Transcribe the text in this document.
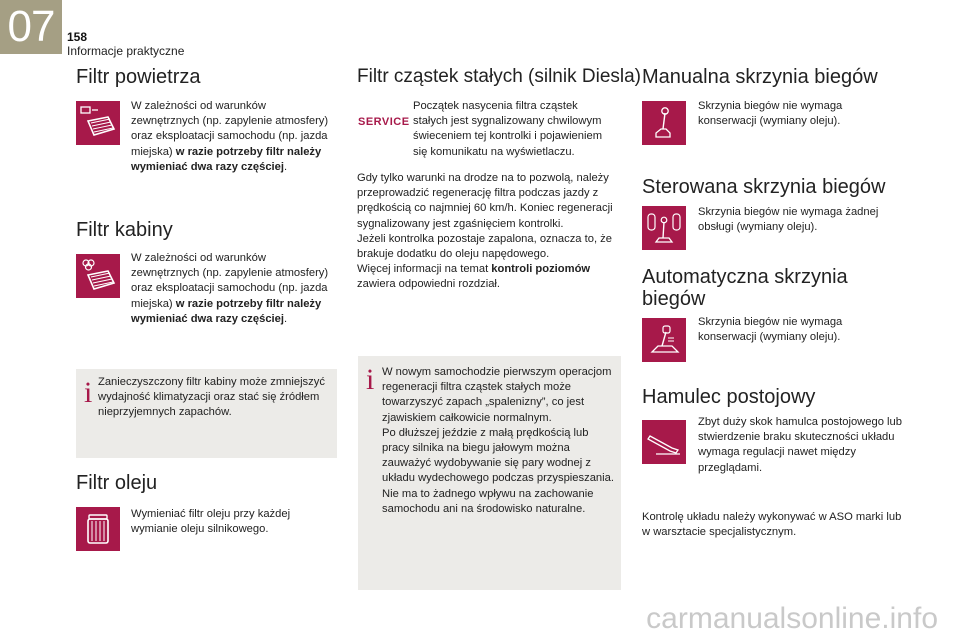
07	158
Informacje praktyczne
Filtr powietrza
W zależności od warunków zewnętrznych (np. zapylenie atmosfery) oraz eksploatacji samochodu (np. jazda miejska) w razie potrzeby filtr należy wymieniać dwa razy częściej.
Filtr kabiny
W zależności od warunków zewnętrznych (np. zapylenie atmosfery) oraz eksploatacji samochodu (np. jazda miejska) w razie potrzeby filtr należy wymieniać dwa razy częściej.
i Zanieczyszczony filtr kabiny może zmniejszyć wydajność klimatyzacji oraz stać się źródłem nieprzyjemnych zapachów.
Filtr oleju
Wymieniać filtr oleju przy każdej wymianie oleju silnikowego.
Filtr cząstek stałych (silnik Diesla)
SERVICE
Początek nasycenia filtra cząstek stałych jest sygnalizowany chwilowym świeceniem tej kontrolki i pojawieniem się komunikatu na wyświetlaczu.
Gdy tylko warunki na drodze na to pozwolą, należy przeprowadzić regenerację filtra podczas jazdy z prędkością co najmniej 60 km/h. Koniec regeneracji sygnalizowany jest zgaśnięciem kontrolki.
Jeżeli kontrolka pozostaje zapalona, oznacza to, że brakuje dodatku do oleju napędowego.
Więcej informacji na temat kontroli poziomów zawiera odpowiedni rozdział.
i W nowym samochodzie pierwszym operacjom regeneracji filtra cząstek stałych może towarzyszyć zapach „spalenizny”, co jest zjawiskiem całkowicie normalnym.
Po dłuższej jeździe z małą prędkością lub pracy silnika na biegu jałowym można zauważyć wydobywanie się pary wodnej z układu wydechowego podczas przyspieszania. Nie ma to żadnego wpływu na zachowanie samochodu ani na środowisko naturalne.
Manualna skrzynia biegów
Skrzynia biegów nie wymaga konserwacji (wymiany oleju).
Sterowana skrzynia biegów
Skrzynia biegów nie wymaga żadnej obsługi (wymiany oleju).
Automatyczna skrzynia
biegów
Skrzynia biegów nie wymaga konserwacji (wymiany oleju).
Hamulec postojowy
Zbyt duży skok hamulca postojowego lub stwierdzenie braku skuteczności układu wymaga regulacji nawet między przeglądami.
Kontrolę układu należy wykonywać w ASO marki lub w warsztacie specjalistycznym.
carmanualsonline.info
